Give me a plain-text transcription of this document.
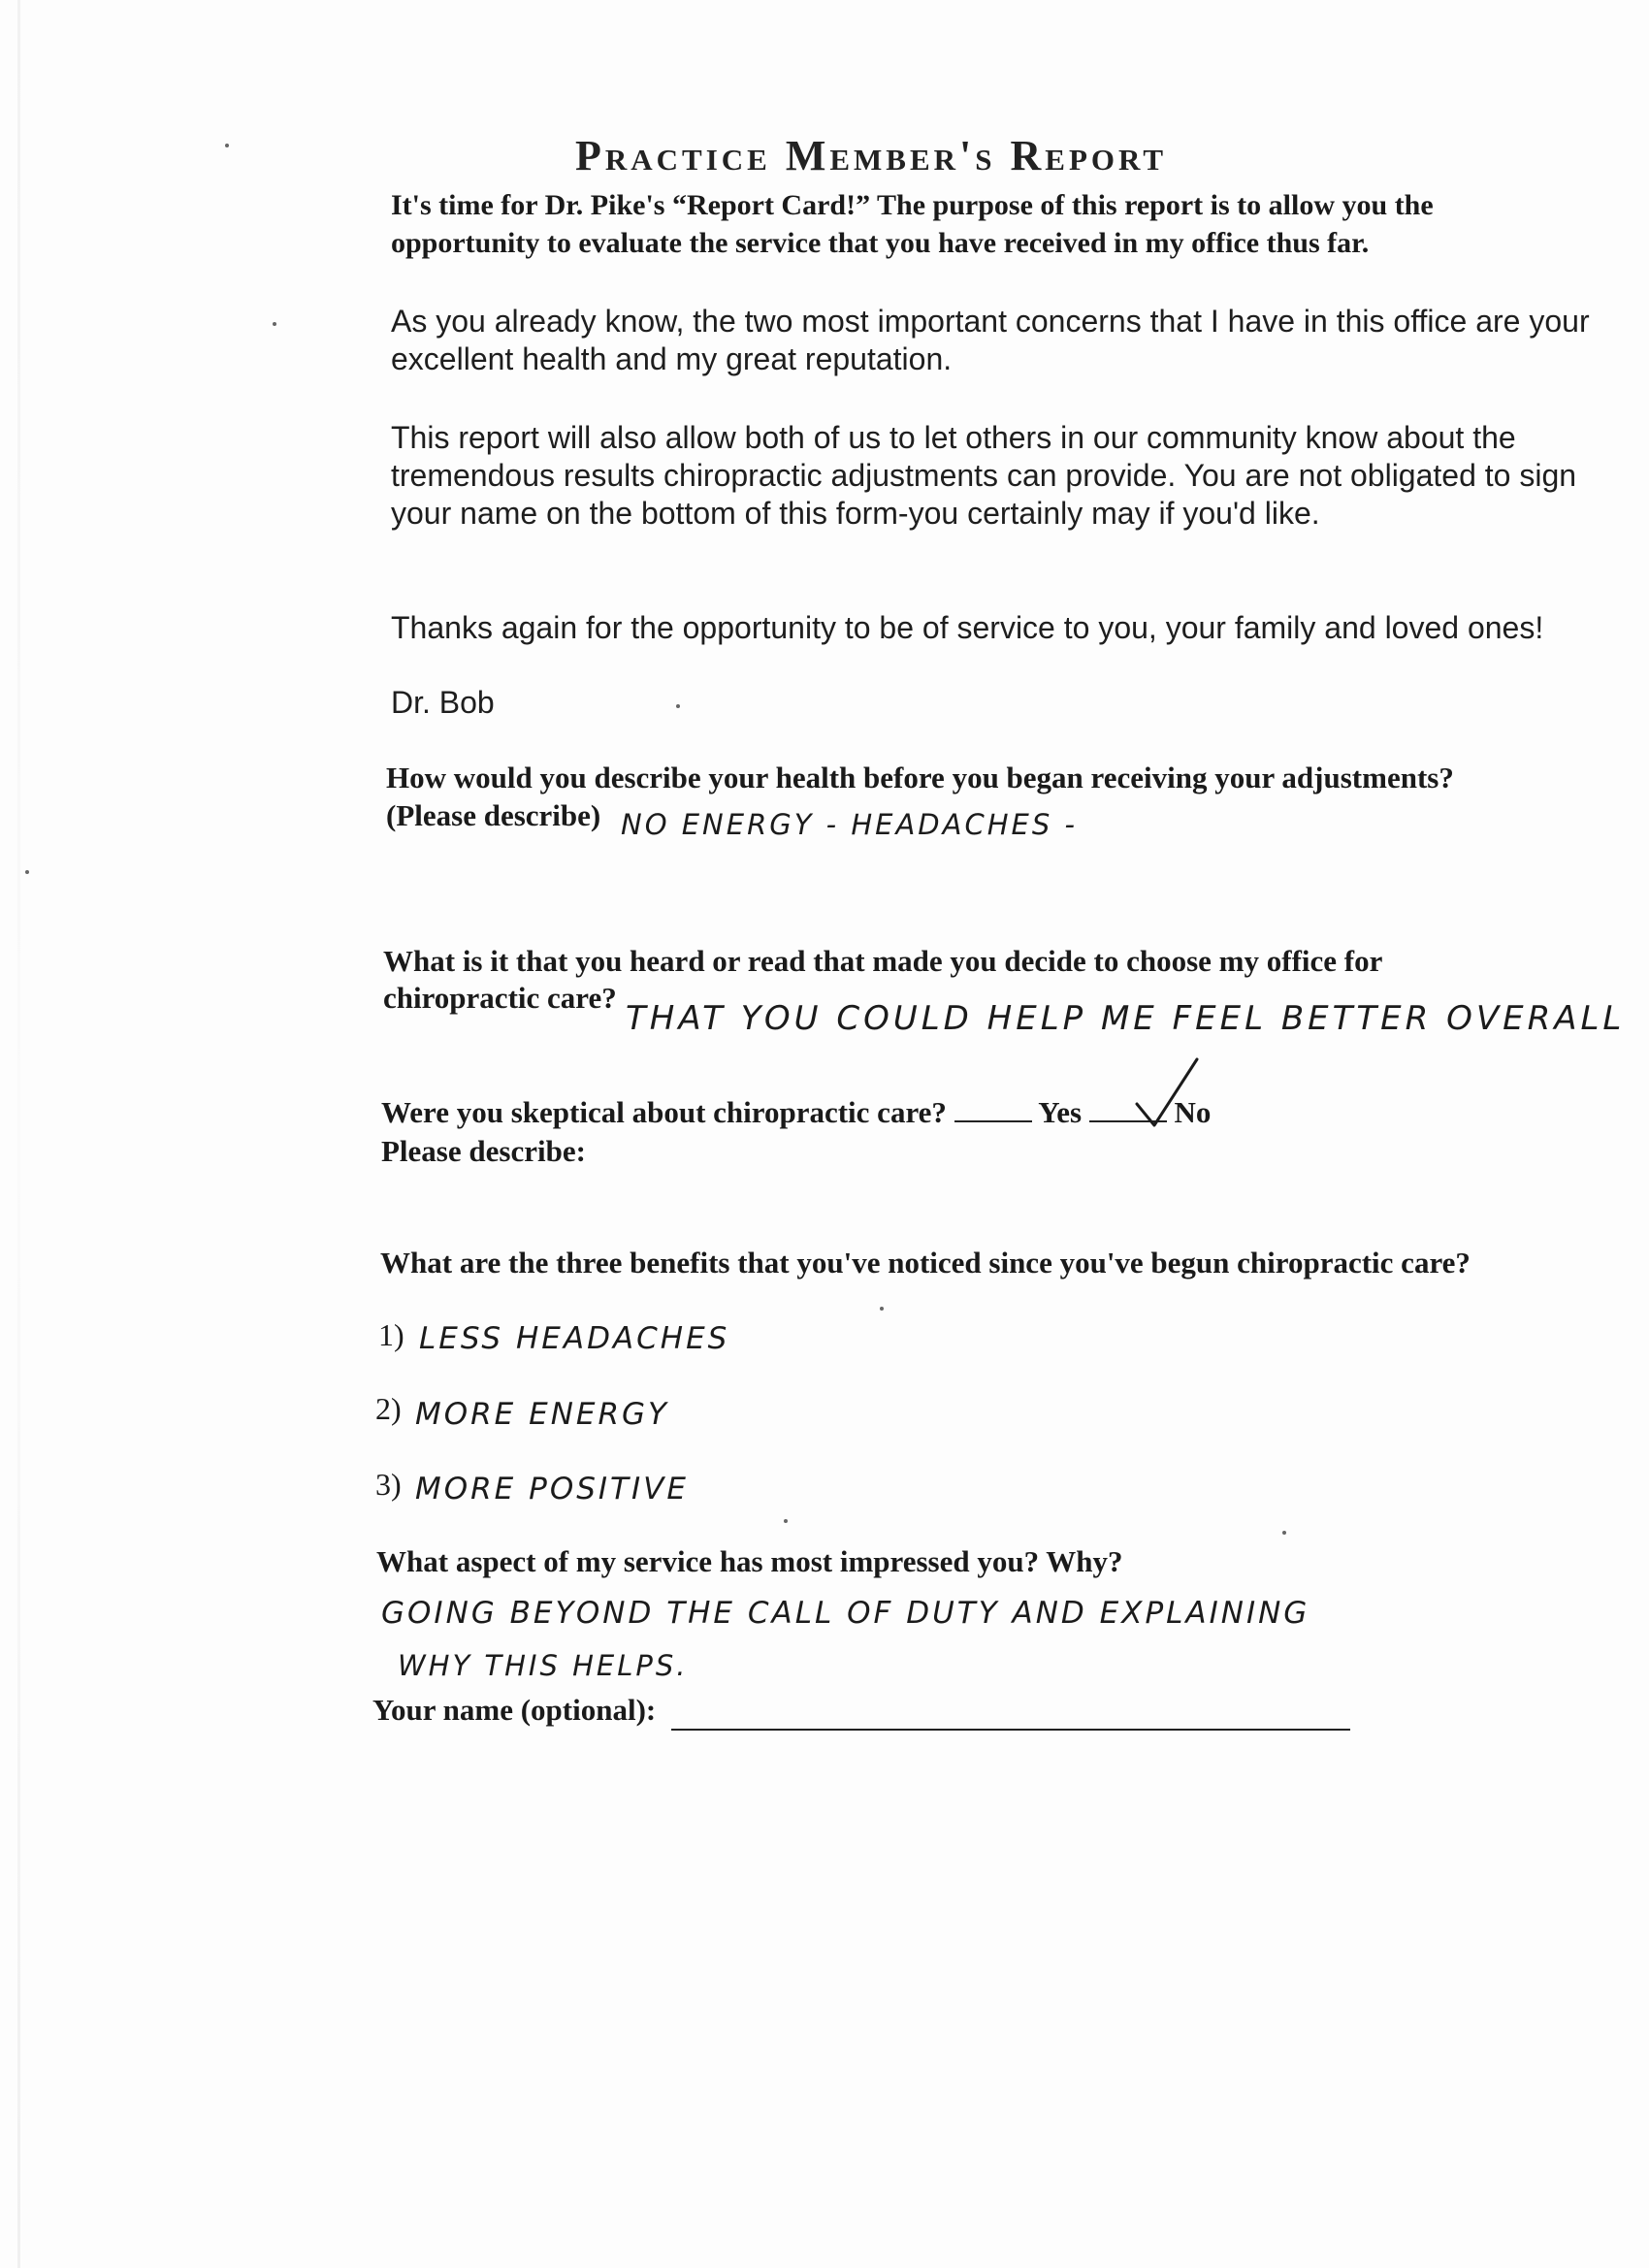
Practice Member's Report
It's time for Dr. Pike's “Report Card!” The purpose of this report is to allow you the
opportunity to evaluate the service that you have received in my office thus far.
As you already know, the two most important concerns that I have in this office are your excellent health and my great reputation.
This report will also allow both of us to let others in our community know about the tremendous results chiropractic adjustments can provide. You are not obligated to sign your name on the bottom of this form-you certainly may if you'd like.
Thanks again for the opportunity to be of service to you, your family and loved ones!
Dr. Bob
How would you describe your health before you began receiving your adjustments?
(Please describe) NO ENERGY - HEADACHES -
What is it that you heard or read that made you decide to choose my office for
chiropractic care?
THAT YOU COULD HELP ME FEEL BETTER OVERALL
Were you skeptical about chiropractic care?	Yes	No
Please describe:
What are the three benefits that you've noticed since you've begun chiropractic care?
1)
2)
3)
LESS HEADACHES
MORE ENERGY
MORE POSITIVE
What aspect of my service has most impressed you? Why?
GOING BEYOND THE CALL OF DUTY AND EXPLAINING
WHY THIS HELPS.
Your name (optional):
